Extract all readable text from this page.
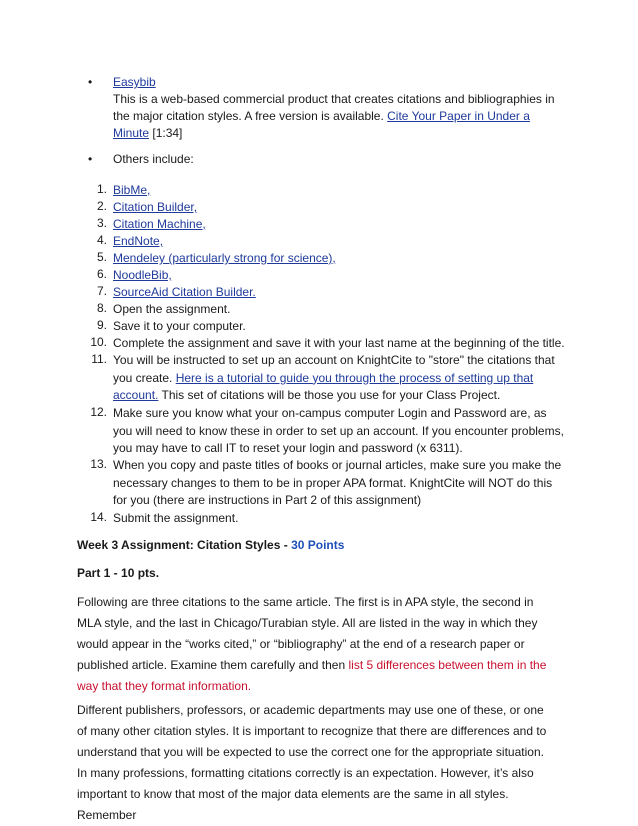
• Easybib
This is a web-based commercial product that creates citations and bibliographies in the major citation styles. A free version is available. Cite Your Paper in Under a Minute [1:34]
• Others include:
1. BibMe,
2. Citation Builder,
3. Citation Machine,
4. EndNote,
5. Mendeley (particularly strong for science),
6. NoodleBib,
7. SourceAid Citation Builder.
8. Open the assignment.
9. Save it to your computer.
10. Complete the assignment and save it with your last name at the beginning of the title.
11. You will be instructed to set up an account on KnightCite to "store" the citations that you create. Here is a tutorial to guide you through the process of setting up that account. This set of citations will be those you use for your Class Project.
12. Make sure you know what your on-campus computer Login and Password are, as you will need to know these in order to set up an account. If you encounter problems, you may have to call IT to reset your login and password (x 6311).
13. When you copy and paste titles of books or journal articles, make sure you make the necessary changes to them to be in proper APA format. KnightCite will NOT do this for you (there are instructions in Part 2 of this assignment)
14. Submit the assignment.
Week 3 Assignment: Citation Styles - 30 Points
Part 1 - 10 pts.
Following are three citations to the same article. The first is in APA style, the second in MLA style, and the last in Chicago/Turabian style. All are listed in the way in which they would appear in the “works cited,” or “bibliography” at the end of a research paper or published article. Examine them carefully and then list 5 differences between them in the way that they format information.
Different publishers, professors, or academic departments may use one of these, or one of many other citation styles. It is important to recognize that there are differences and to understand that you will be expected to use the correct one for the appropriate situation. In many professions, formatting citations correctly is an expectation. However, it’s also important to know that most of the major data elements are the same in all styles. Remember
